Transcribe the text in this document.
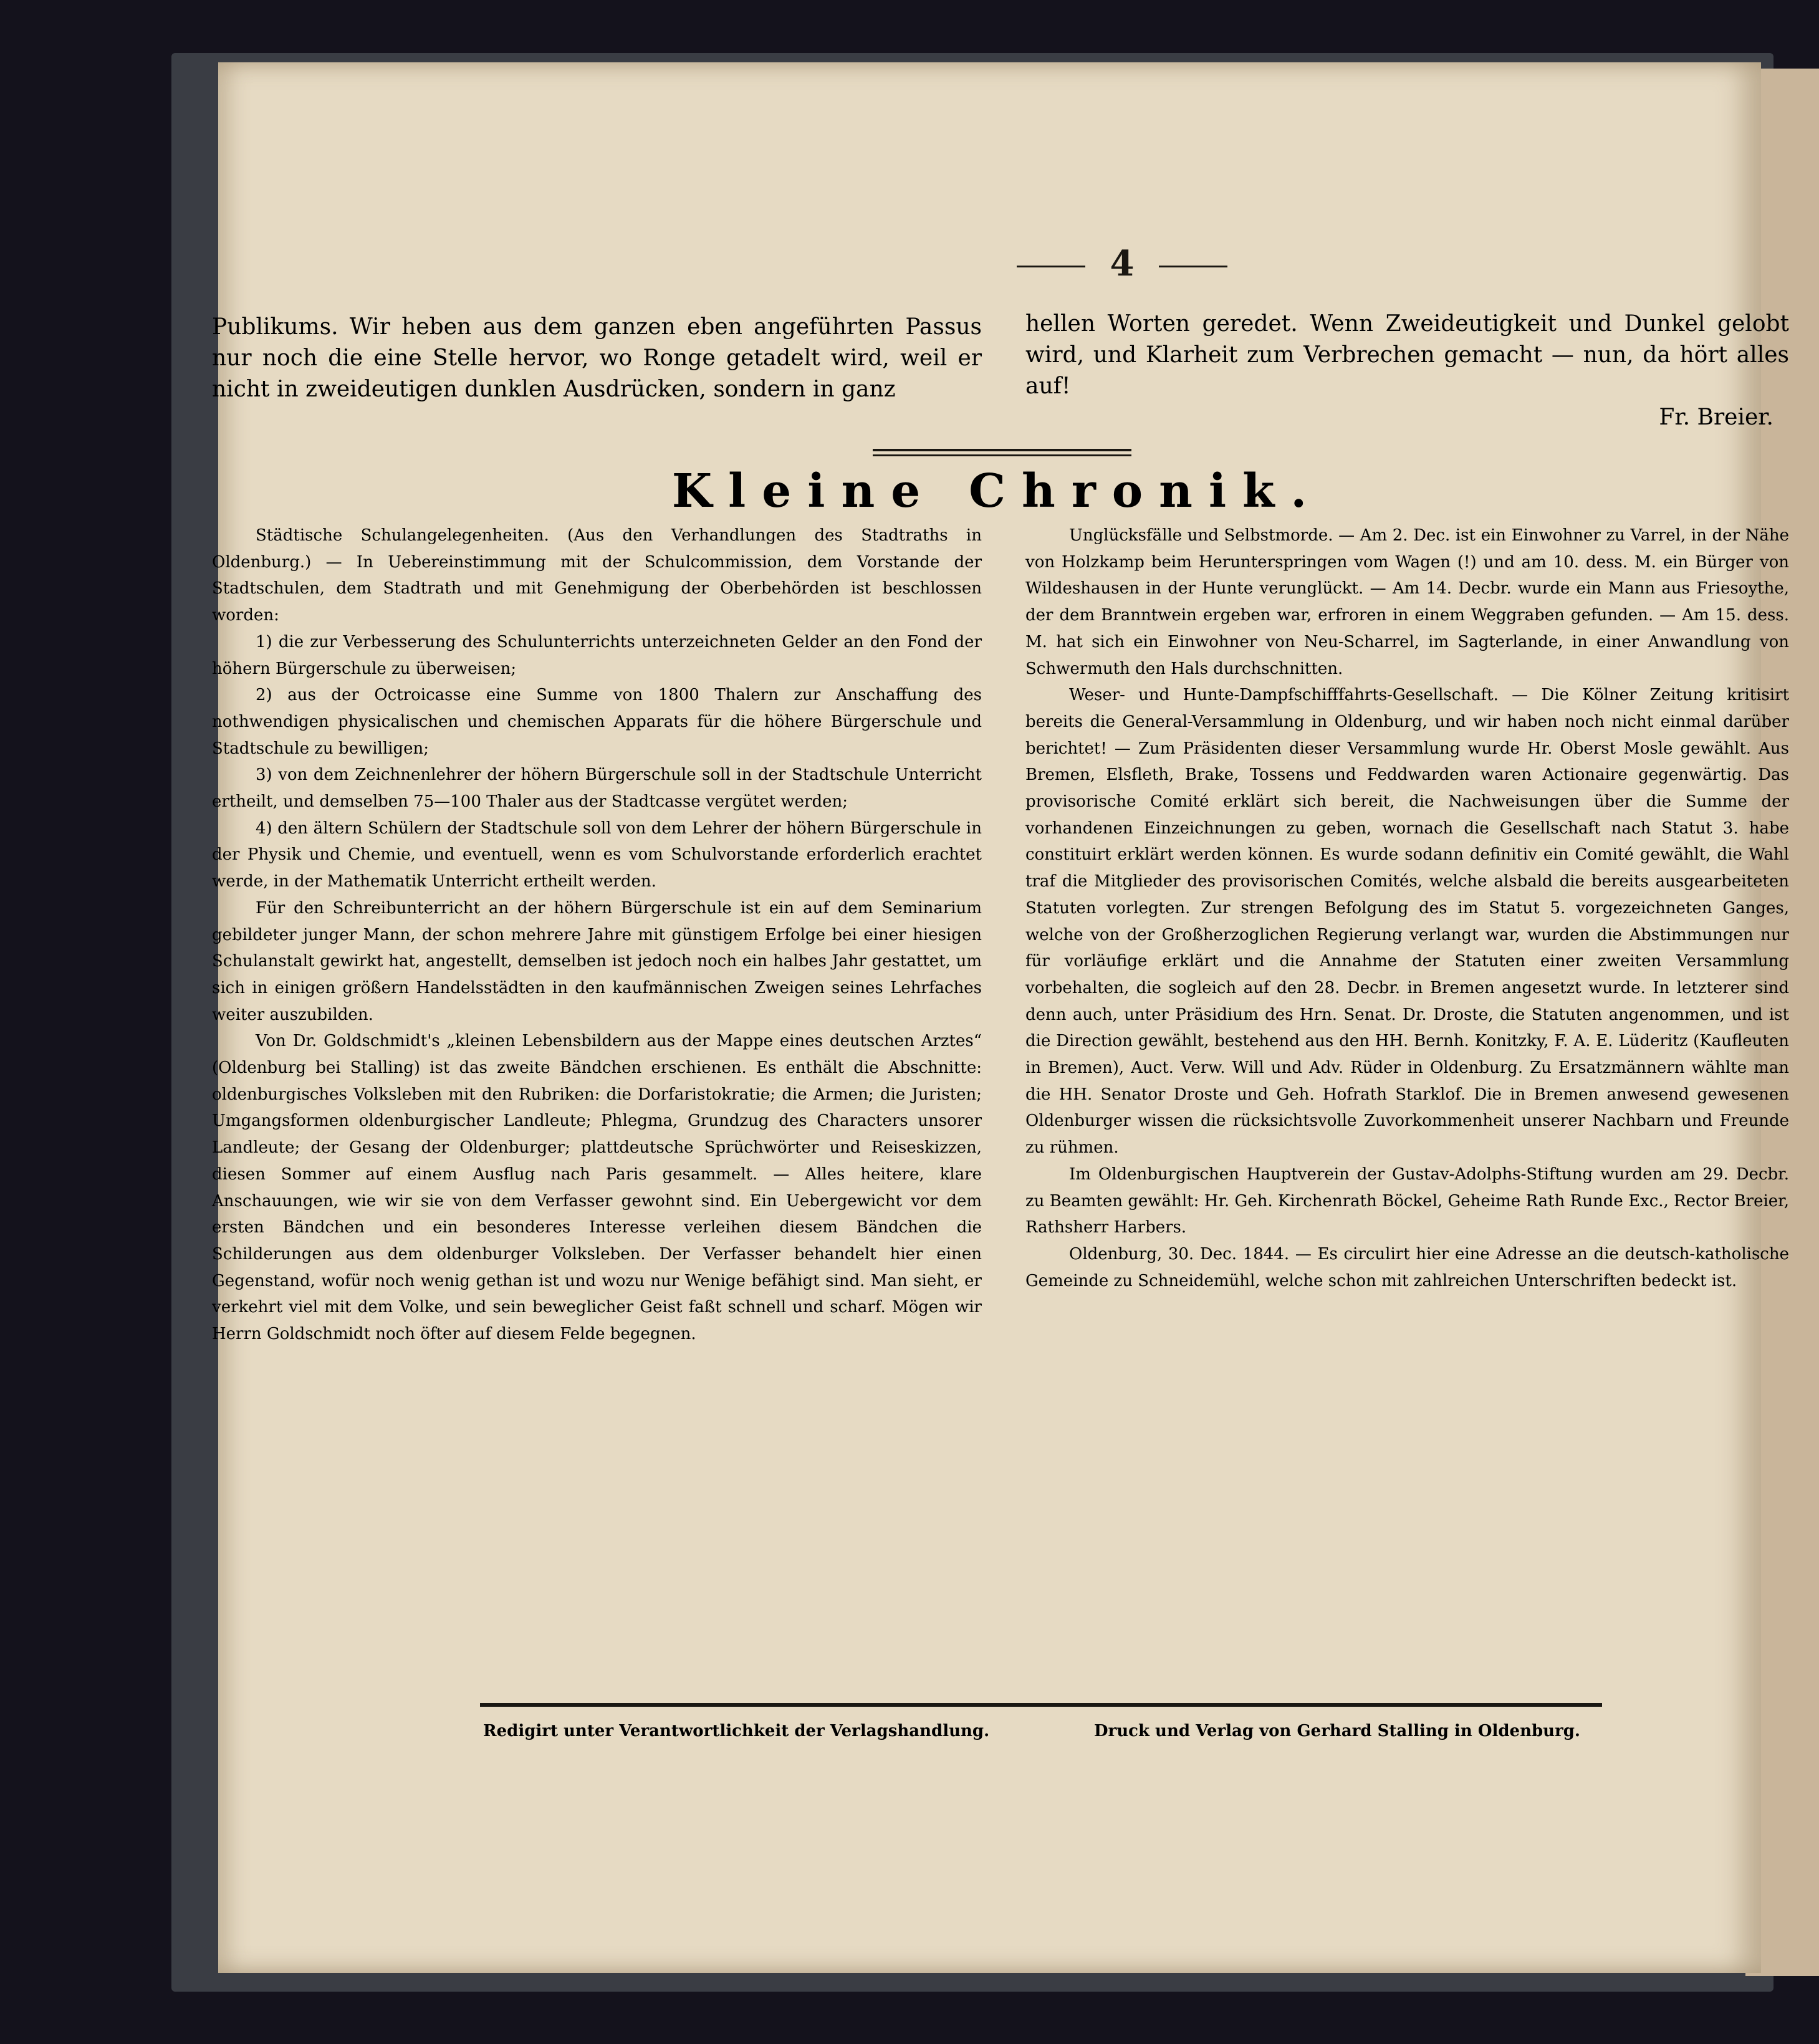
4

Publikums. Wir heben aus dem ganzen eben angeführten Passus nur noch die eine Stelle hervor, wo Ronge getadelt wird, weil er nicht in zweideutigen dunklen Ausdrücken, sondern in ganz

hellen Worten geredet. Wenn Zweideutigkeit und Dunkel gelobt wird, und Klarheit zum Verbrechen gemacht — nun, da hört alles auf!

Fr. Breier.

Kleine Chronik.

Städtische Schulangelegenheiten. (Aus den Verhandlungen des Stadtraths in Oldenburg.) — In Uebereinstimmung mit der Schulcommission, dem Vorstande der Stadtschulen, dem Stadtrath und mit Genehmigung der Oberbehörden ist beschlossen worden:

1) die zur Verbesserung des Schulunterrichts unterzeichneten Gelder an den Fond der höhern Bürgerschule zu überweisen;

2) aus der Octroicasse eine Summe von 1800 Thalern zur Anschaffung des nothwendigen physicalischen und chemischen Apparats für die höhere Bürgerschule und Stadtschule zu bewilligen;

3) von dem Zeichnenlehrer der höhern Bürgerschule soll in der Stadtschule Unterricht ertheilt, und demselben 75—100 Thaler aus der Stadtcasse vergütet werden;

4) den ältern Schülern der Stadtschule soll von dem Lehrer der höhern Bürgerschule in der Physik und Chemie, und eventuell, wenn es vom Schulvorstande erforderlich erachtet werde, in der Mathematik Unterricht ertheilt werden.

Für den Schreibunterricht an der höhern Bürgerschule ist ein auf dem Seminarium gebildeter junger Mann, der schon mehrere Jahre mit günstigem Erfolge bei einer hiesigen Schulanstalt gewirkt hat, angestellt, demselben ist jedoch noch ein halbes Jahr gestattet, um sich in einigen größern Handelsstädten in den kaufmännischen Zweigen seines Lehrfaches weiter auszubilden.

Von Dr. Goldschmidt's „kleinen Lebensbildern aus der Mappe eines deutschen Arztes“ (Oldenburg bei Stalling) ist das zweite Bändchen erschienen. Es enthält die Abschnitte: oldenburgisches Volksleben mit den Rubriken: die Dorfaristokratie; die Armen; die Juristen; Umgangsformen oldenburgischer Landleute; Phlegma, Grundzug des Characters unsorer Landleute; der Gesang der Oldenburger; plattdeutsche Sprüchwörter und Reiseskizzen, diesen Sommer auf einem Ausflug nach Paris gesammelt. — Alles heitere, klare Anschauungen, wie wir sie von dem Verfasser gewohnt sind. Ein Uebergewicht vor dem ersten Bändchen und ein besonderes Interesse verleihen diesem Bändchen die Schilderungen aus dem oldenburger Volksleben. Der Verfasser behandelt hier einen Gegenstand, wofür noch wenig gethan ist und wozu nur Wenige befähigt sind. Man sieht, er verkehrt viel mit dem Volke, und sein beweglicher Geist faßt schnell und scharf. Mögen wir Herrn Goldschmidt noch öfter auf diesem Felde begegnen.

Unglücksfälle und Selbstmorde. — Am 2. Dec. ist ein Einwohner zu Varrel, in der Nähe von Holzkamp beim Herunterspringen vom Wagen (!) und am 10. dess. M. ein Bürger von Wildeshausen in der Hunte verunglückt. — Am 14. Decbr. wurde ein Mann aus Friesoythe, der dem Branntwein ergeben war, erfroren in einem Weggraben gefunden. — Am 15. dess. M. hat sich ein Einwohner von Neu-Scharrel, im Sagterlande, in einer Anwandlung von Schwermuth den Hals durchschnitten.

Weser- und Hunte-Dampfschifffahrts-Gesellschaft. — Die Kölner Zeitung kritisirt bereits die General-Versammlung in Oldenburg, und wir haben noch nicht einmal darüber berichtet! — Zum Präsidenten dieser Versammlung wurde Hr. Oberst Mosle gewählt. Aus Bremen, Elsfleth, Brake, Tossens und Feddwarden waren Actionaire gegenwärtig. Das provisorische Comité erklärt sich bereit, die Nachweisungen über die Summe der vorhandenen Einzeichnungen zu geben, wornach die Gesellschaft nach Statut 3. habe constituirt erklärt werden können. Es wurde sodann definitiv ein Comité gewählt, die Wahl traf die Mitglieder des provisorischen Comités, welche alsbald die bereits ausgearbeiteten Statuten vorlegten. Zur strengen Befolgung des im Statut 5. vorgezeichneten Ganges, welche von der Großherzoglichen Regierung verlangt war, wurden die Abstimmungen nur für vorläufige erklärt und die Annahme der Statuten einer zweiten Versammlung vorbehalten, die sogleich auf den 28. Decbr. in Bremen angesetzt wurde. In letzterer sind denn auch, unter Präsidium des Hrn. Senat. Dr. Droste, die Statuten angenommen, und ist die Direction gewählt, bestehend aus den HH. Bernh. Konitzky, F. A. E. Lüderitz (Kaufleuten in Bremen), Auct. Verw. Will und Adv. Rüder in Oldenburg. Zu Ersatzmännern wählte man die HH. Senator Droste und Geh. Hofrath Starklof. Die in Bremen anwesend gewesenen Oldenburger wissen die rücksichtsvolle Zuvorkommenheit unserer Nachbarn und Freunde zu rühmen.

Im Oldenburgischen Hauptverein der Gustav-Adolphs-Stiftung wurden am 29. Decbr. zu Beamten gewählt: Hr. Geh. Kirchenrath Böckel, Geheime Rath Runde Exc., Rector Breier, Rathsherr Harbers.

Oldenburg, 30. Dec. 1844. — Es circulirt hier eine Adresse an die deutsch-katholische Gemeinde zu Schneidemühl, welche schon mit zahlreichen Unterschriften bedeckt ist.

Redigirt unter Verantwortlichkeit der Verlagshandlung.	Druck und Verlag von Gerhard Stalling in Oldenburg.
